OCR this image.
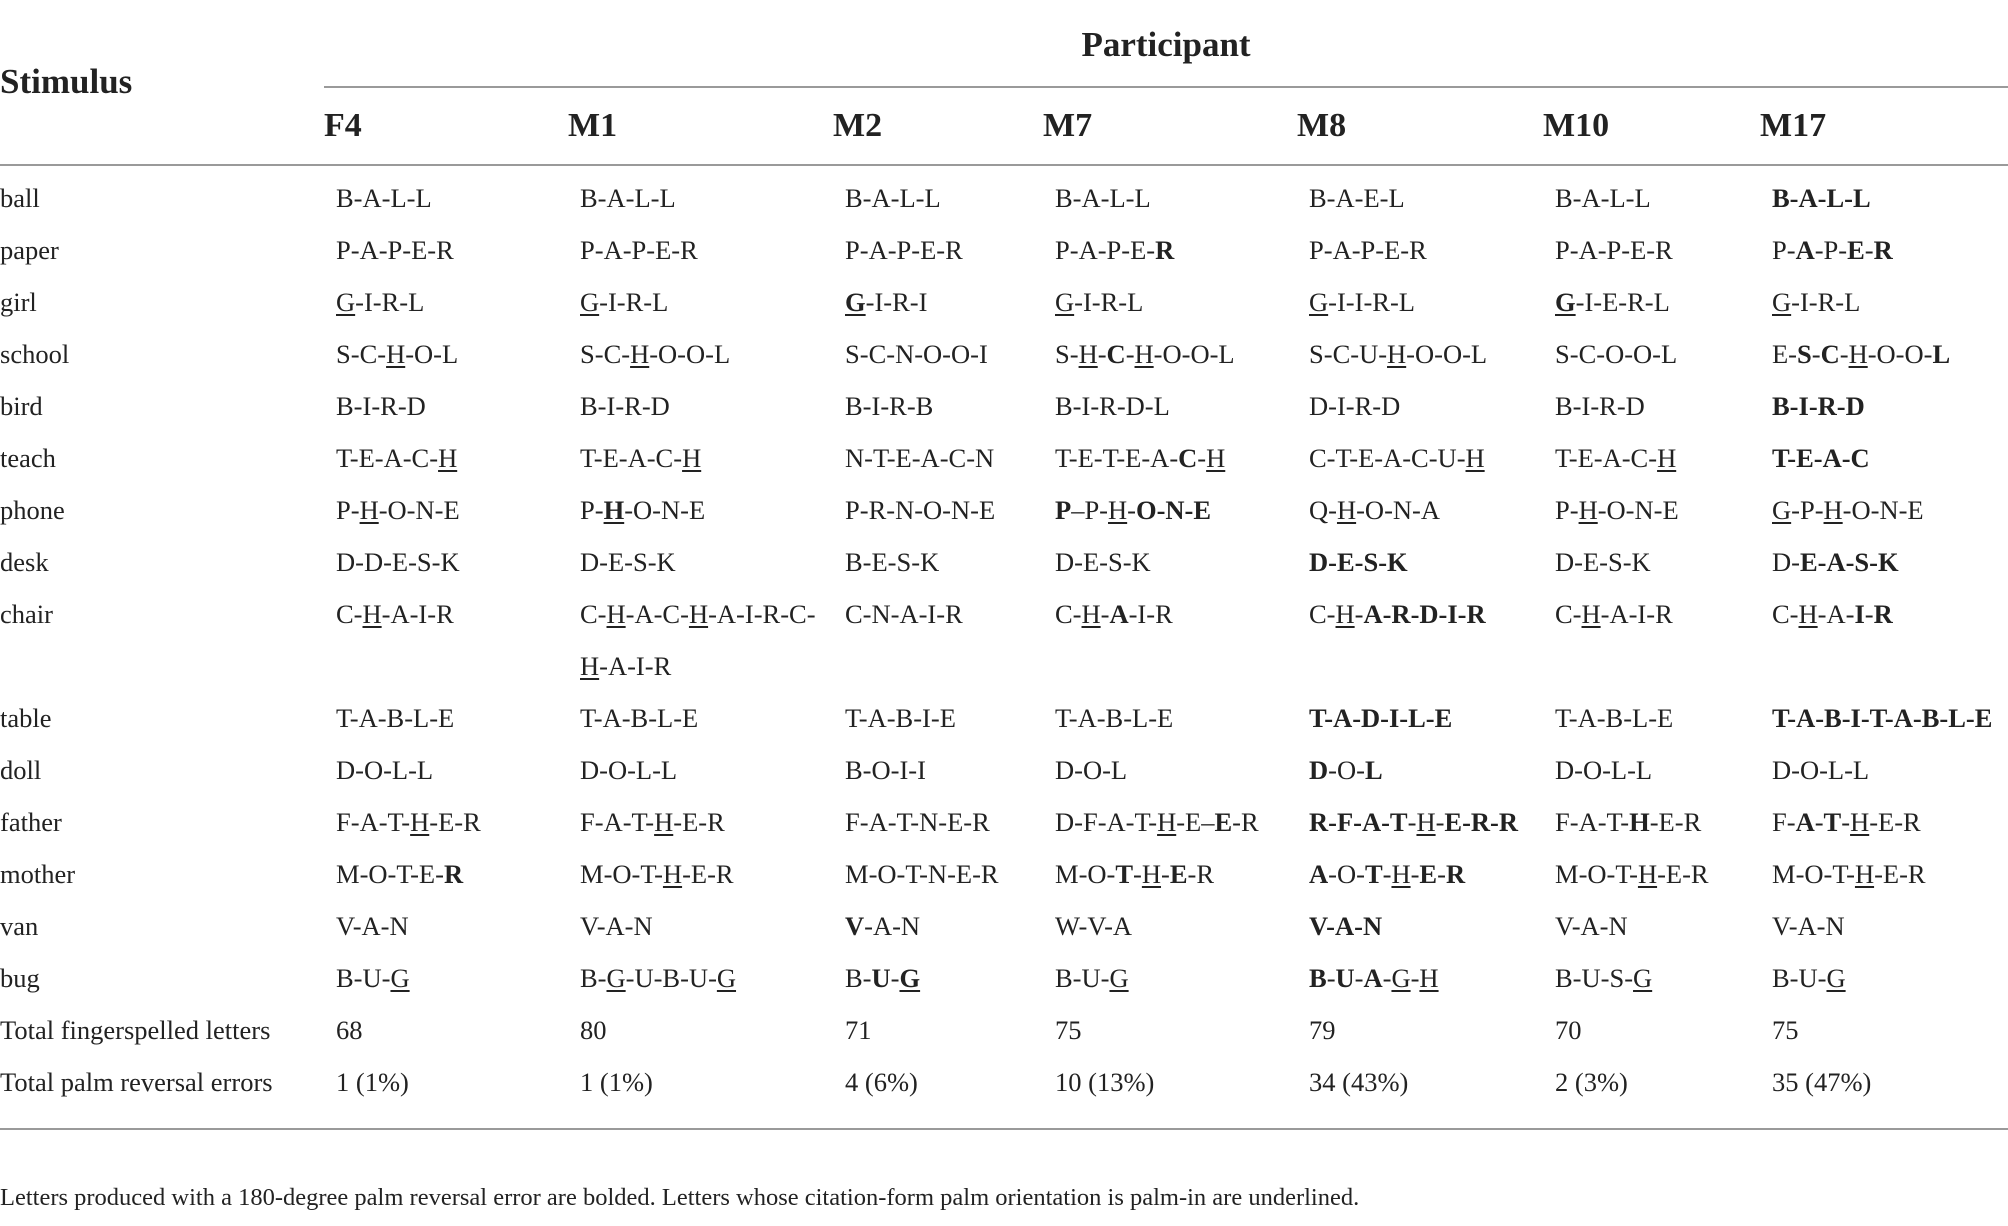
Stimulus	Participant						
	F4	M1	M2	M7	M8	M10	M17
ball	B-A-L-L	B-A-L-L	B-A-L-L	B-A-L-L	B-A-E-L	B-A-L-L	B-A-L-L
paper	P-A-P-E-R	P-A-P-E-R	P-A-P-E-R	P-A-P-E-R	P-A-P-E-R	P-A-P-E-R	P-A-P-E-R
girl	G-I-R-L	G-I-R-L	G-I-R-I	G-I-R-L	G-I-I-R-L	G-I-E-R-L	G-I-R-L
school	S-C-H-O-L	S-C-H-O-O-L	S-C-N-O-O-I	S-H-C-H-O-O-L	S-C-U-H-O-O-L	S-C-O-O-L	E-S-C-H-O-O-L
bird	B-I-R-D	B-I-R-D	B-I-R-B	B-I-R-D-L	D-I-R-D	B-I-R-D	B-I-R-D
teach	T-E-A-C-H	T-E-A-C-H	N-T-E-A-C-N	T-E-T-E-A-C-H	C-T-E-A-C-U-H	T-E-A-C-H	T-E-A-C
phone	P-H-O-N-E	P-H-O-N-E	P-R-N-O-N-E	P–P-H-O-N-E	Q-H-O-N-A	P-H-O-N-E	G-P-H-O-N-E
desk	D-D-E-S-K	D-E-S-K	B-E-S-K	D-E-S-K	D-E-S-K	D-E-S-K	D-E-A-S-K
chair	C-H-A-I-R	C-H-A-C-H-A-I-R-C-H-A-I-R	C-N-A-I-R	C-H-A-I-R	C-H-A-R-D-I-R	C-H-A-I-R	C-H-A-I-R
table	T-A-B-L-E	T-A-B-L-E	T-A-B-I-E	T-A-B-L-E	T-A-D-I-L-E	T-A-B-L-E	T-A-B-I-T-A-B-L-E
doll	D-O-L-L	D-O-L-L	B-O-I-I	D-O-L	D-O-L	D-O-L-L	D-O-L-L
father	F-A-T-H-E-R	F-A-T-H-E-R	F-A-T-N-E-R	D-F-A-T-H-E–E-R	R-F-A-T-H-E-R-R	F-A-T-H-E-R	F-A-T-H-E-R
mother	M-O-T-E-R	M-O-T-H-E-R	M-O-T-N-E-R	M-O-T-H-E-R	A-O-T-H-E-R	M-O-T-H-E-R	M-O-T-H-E-R
van	V-A-N	V-A-N	V-A-N	W-V-A	V-A-N	V-A-N	V-A-N
bug	B-U-G	B-G-U-B-U-G	B-U-G	B-U-G	B-U-A-G-H	B-U-S-G	B-U-G
Total fingerspelled letters	68	80	71	75	79	70	75
Total palm reversal errors	1 (1%)	1 (1%)	4 (6%)	10 (13%)	34 (43%)	2 (3%)	35 (47%)
Letters produced with a 180-degree palm reversal error are bolded. Letters whose citation-form palm orientation is palm-in are underlined.
